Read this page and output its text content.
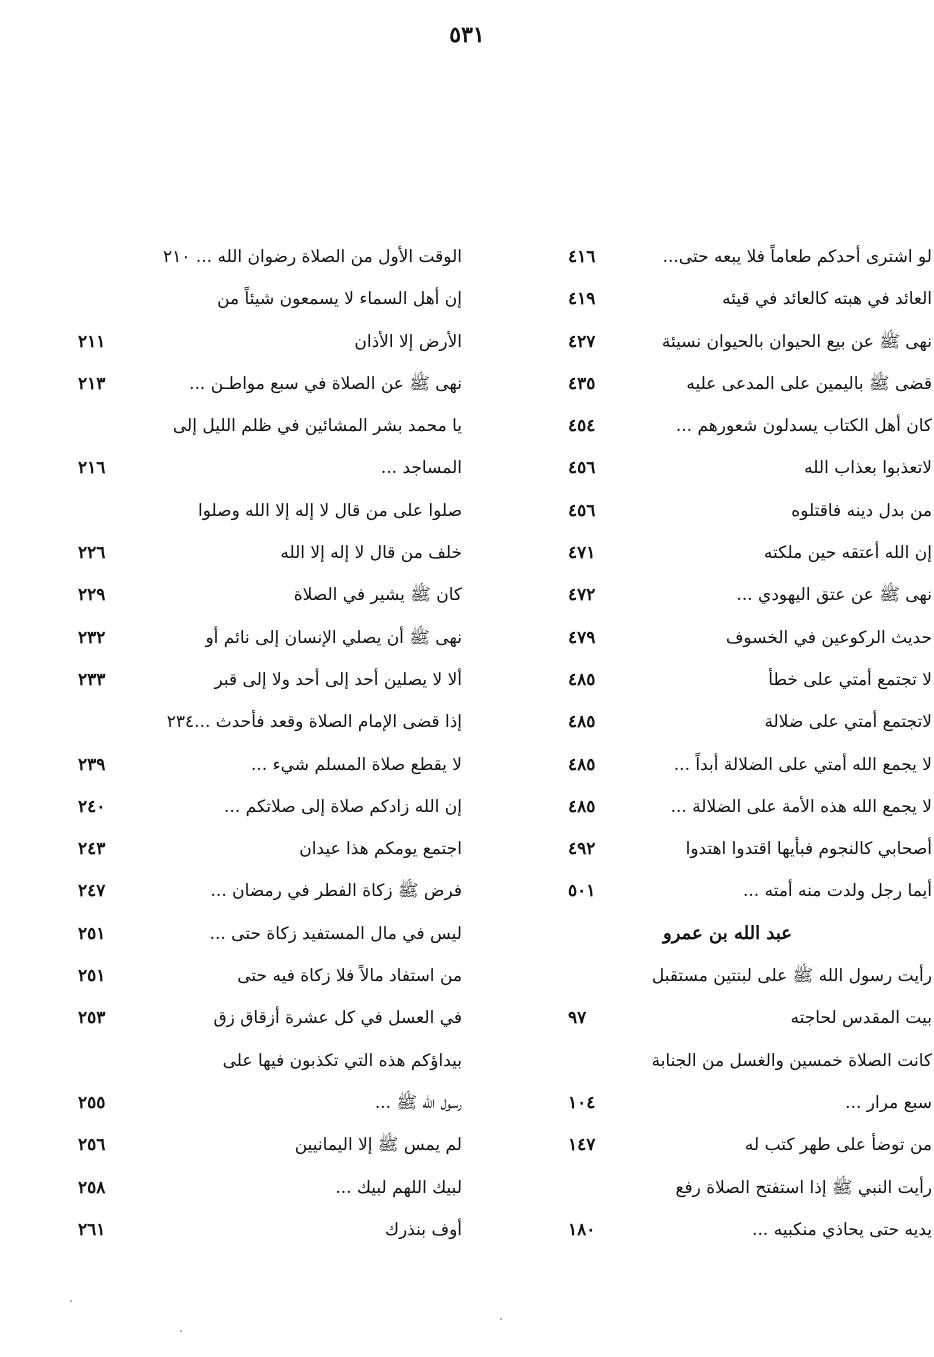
٥٣١
لو اشترى أحدكم طعاماً فلا يبعه حتى...
٤١٦
العائد في هبته كالعائد في قيئه
٤١٩
نهى ﷺ عن بيع الحيوان بالحيوان نسيئة
٤٢٧
قضى ﷺ باليمين على المدعى عليه
٤٣٥
كان أهل الكتاب يسدلون شعورهم ...
٤٥٤
لاتعذبوا بعذاب الله
٤٥٦
من بدل دينه فاقتلوه
٤٥٦
إن الله أعتقه حين ملكته
٤٧١
نهى ﷺ عن عتق اليهودي ...
٤٧٢
حديث الركوعين في الخسوف
٤٧٩
لا تجتمع أمتي على خطأ
٤٨٥
لاتجتمع أمتي على ضلالة
٤٨٥
لا يجمع الله أمتي على الضلالة أبداً ...
٤٨٥
لا يجمع الله هذه الأمة على الضلالة ...
٤٨٥
أصحابي كالنجوم فبأيها اقتدوا اهتدوا
٤٩٢
أيما رجل ولدت منه أمته ...
٥٠١
عبد الله بن عمرو
رأيت رسول الله ﷺ على لبنتين مستقبل
بيت المقدس لحاجته
٩٧
كانت الصلاة خمسين والغسل من الجنابة
سبع مرار ...
١٠٤
من توضأ على طهر كتب له
١٤٧
رأيت النبي ﷺ إذا استفتح الصلاة رفع
يديه حتى يحاذي منكبيه ...
١٨٠
الوقت الأول من الصلاة رضوان الله ... ٢١٠
إن أهل السماء لا يسمعون شيئاً من
الأرض إلا الأذان
٢١١
نهى ﷺ عن الصلاة في سبع مواطـن ...
٢١٣
يا محمد بشر المشائين في ظلم الليل إلى
المساجد ...
٢١٦
صلوا على من قال لا إله إلا الله وصلوا
خلف من قال لا إله إلا الله
٢٢٦
كان ﷺ يشير في الصلاة
٢٢٩
نهى ﷺ أن يصلي الإنسان إلى نائم أو
٢٣٢
ألا لا يصلين أحد إلى أحد ولا إلى قبر
٢٣٣
إذا قضى الإمام الصلاة وقعد فأحدث ...٢٣٤
لا يقطع صلاة المسلم شيء ...
٢٣٩
إن الله زادكم صلاة إلى صلاتكم ...
٢٤٠
اجتمع يومكم هذا عيدان
٢٤٣
فرض ﷺ زكاة الفطر في رمضان ...
٢٤٧
ليس في مال المستفيد زكاة حتى ...
٢٥١
من استفاد مالاً فلا زكاة فيه حتى
٢٥١
في العسل في كل عشرة أزقاق زق
٢٥٣
بيداؤكم هذه التي تكذبون فيها على
رسول الله ﷺ ...
٢٥٥
لم يمس ﷺ إلا اليمانيين
٢٥٦
لبيك اللهم لبيك ...
٢٥٨
أوف بنذرك
٢٦١
